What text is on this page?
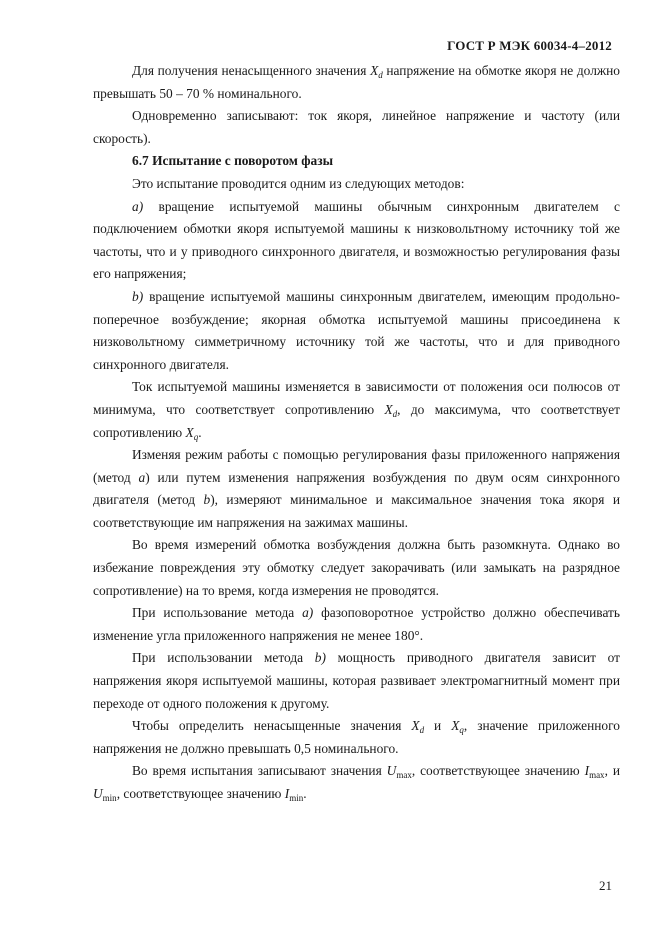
ГОСТ Р МЭК 60034-4–2012

Для получения ненасыщенного значения $X_d$ напряжение на обмотке якоря не должно превышать 50 – 70 % номинального.

Одновременно записывают: ток якоря, линейное напряжение и частоту (или скорость).

6.7 Испытание с поворотом фазы

Это испытание проводится одним из следующих методов:

a) вращение испытуемой машины обычным синхронным двигателем с подключением обмотки якоря испытуемой машины к низковольтному источнику той же частоты, что и у приводного синхронного двигателя, и возможностью регулирования фазы его напряжения;

b) вращение испытуемой машины синхронным двигателем, имеющим продольно-поперечное возбуждение; якорная обмотка испытуемой машины присоединена к низковольтному симметричному источнику той же частоты, что и для приводного синхронного двигателя.

Ток испытуемой машины изменяется в зависимости от положения оси полюсов от минимума, что соответствует сопротивлению $X_d$, до максимума, что соответствует сопротивлению $X_q$.

Изменяя режим работы с помощью регулирования фазы приложенного напряжения (метод a) или путем изменения напряжения возбуждения по двум осям синхронного двигателя (метод b), измеряют минимальное и максимальное значения тока якоря и соответствующие им напряжения на зажимах машины.

Во время измерений обмотка возбуждения должна быть разомкнута. Однако во избежание повреждения эту обмотку следует закорачивать (или замыкать на разрядное сопротивление) на то время, когда измерения не проводятся.

При использование метода a) фазоповоротное устройство должно обеспечивать изменение угла приложенного напряжения не менее 180°.

При использовании метода b) мощность приводного двигателя зависит от напряжения якоря испытуемой машины, которая развивает электромагнитный момент при переходе от одного положения к другому.

Чтобы определить ненасыщенные значения $X_d$ и $X_q$, значение приложенного напряжения не должно превышать 0,5 номинального.

Во время испытания записывают значения $U_{max}$, соответствующее значению $I_{max}$, и $U_{min}$, соответствующее значению $I_{min}$.

21
